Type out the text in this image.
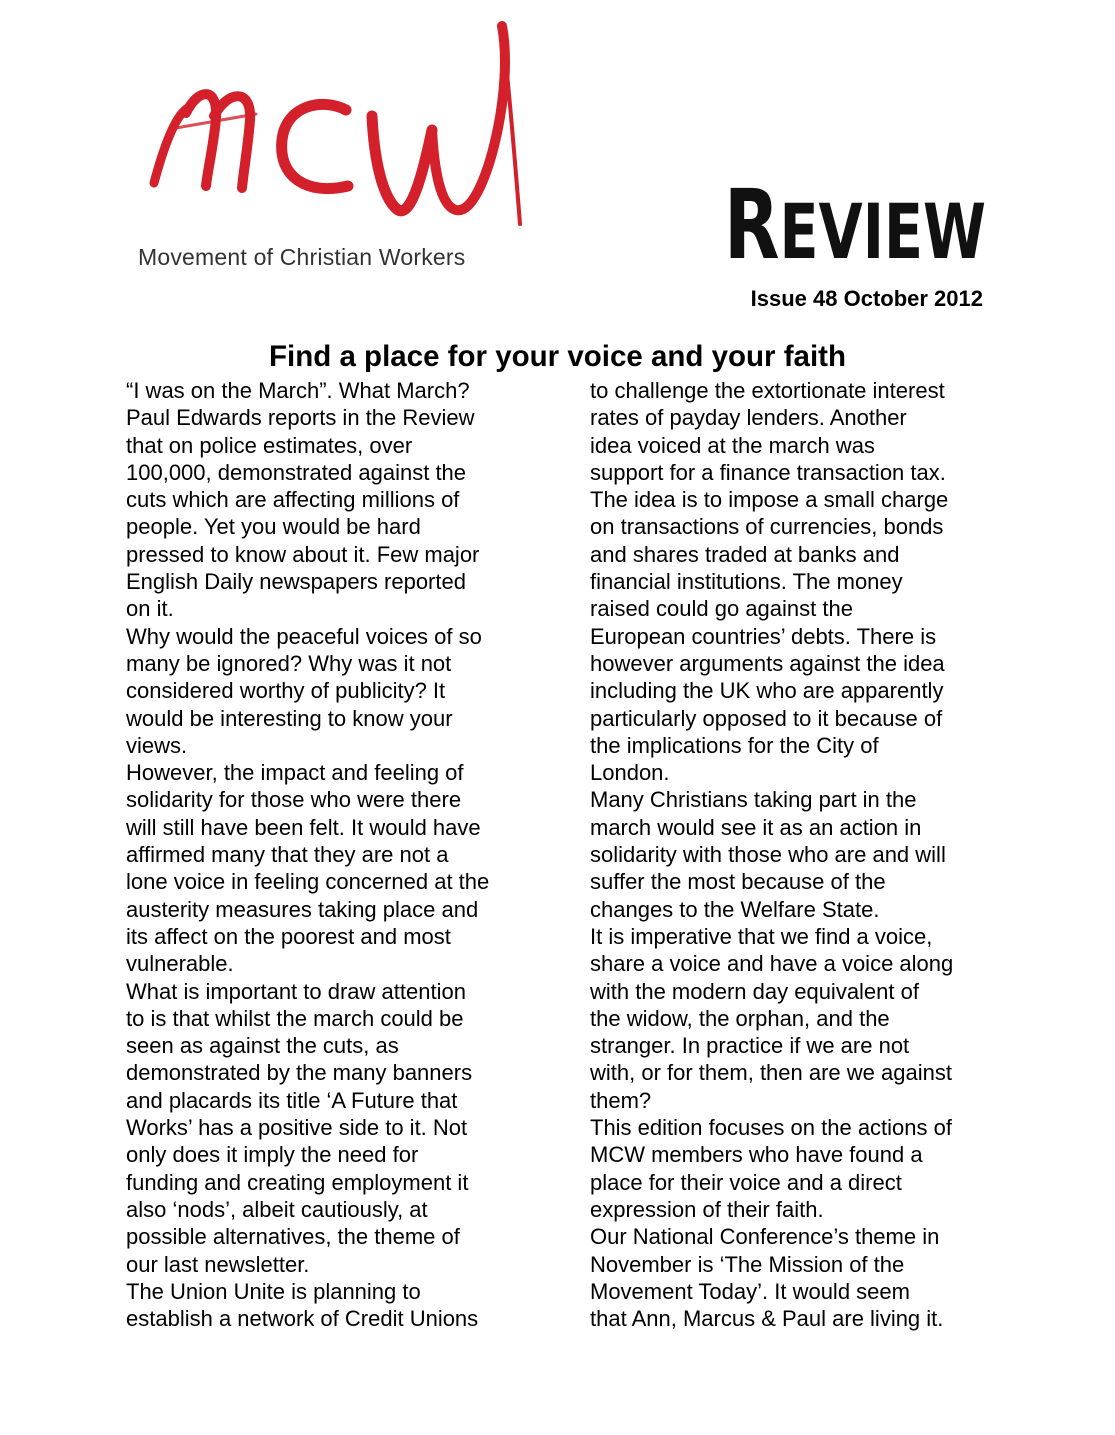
Movement of Christian Workers	REVIEW
Issue 48 October 2012
Find a place for your voice and your faith
“I was on the March”. What March?
Paul Edwards reports in the Review
that on police estimates, over
100,000, demonstrated against the
cuts which are affecting millions of
people. Yet you would be hard
pressed to know about it. Few major
English Daily newspapers reported
on it.
Why would the peaceful voices of so
many be ignored? Why was it not
considered worthy of publicity? It
would be interesting to know your
views.
However, the impact and feeling of
solidarity for those who were there
will still have been felt. It would have
affirmed many that they are not a
lone voice in feeling concerned at the
austerity measures taking place and
its affect on the poorest and most
vulnerable.
What is important to draw attention
to is that whilst the march could be
seen as against the cuts, as
demonstrated by the many banners
and placards its title ‘A Future that
Works’ has a positive side to it. Not
only does it imply the need for
funding and creating employment it
also ‘nods’, albeit cautiously, at
possible alternatives, the theme of
our last newsletter.
The Union Unite is planning to
establish a network of Credit Unions
to challenge the extortionate interest
rates of payday lenders. Another
idea voiced at the march was
support for a finance transaction tax.
The idea is to impose a small charge
on transactions of currencies, bonds
and shares traded at banks and
financial institutions. The money
raised could go against the
European countries’ debts. There is
however arguments against the idea
including the UK who are apparently
particularly opposed to it because of
the implications for the City of
London.
Many Christians taking part in the
march would see it as an action in
solidarity with those who are and will
suffer the most because of the
changes to the Welfare State.
It is imperative that we find a voice,
share a voice and have a voice along
with the modern day equivalent of
the widow, the orphan, and the
stranger. In practice if we are not
with, or for them, then are we against
them?
This edition focuses on the actions of
MCW members who have found a
place for their voice and a direct
expression of their faith.
Our National Conference’s theme in
November is ‘The Mission of the
Movement Today’. It would seem
that Ann, Marcus & Paul are living it.
